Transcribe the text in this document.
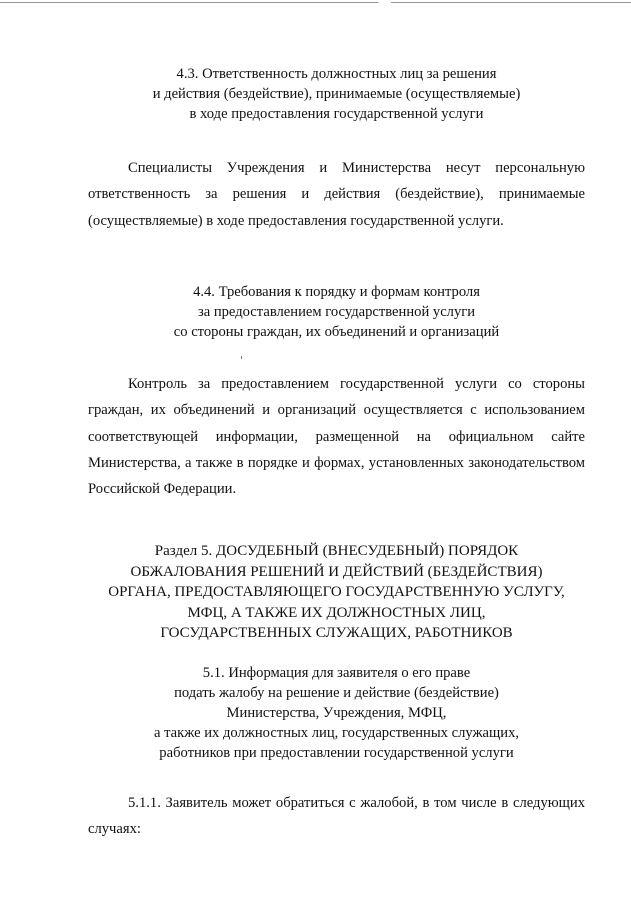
4.3. Ответственность должностных лиц за решения
и действия (бездействие), принимаемые (осуществляемые)
в ходе предоставления государственной услуги
Специалисты Учреждения и Министерства несут персональную
ответственность за решения и действия (бездействие), принимаемые
(осуществляемые) в ходе предоставления государственной услуги.
4.4. Требования к порядку и формам контроля
за предоставлением государственной услуги
со стороны граждан, их объединений и организаций
Контроль за предоставлением государственной услуги со стороны
граждан, их объединений и организаций осуществляется с использованием
соответствующей информации, размещенной на официальном сайте
Министерства, а также в порядке и формах, установленных законодательством
Российской Федерации.
Раздел 5. ДОСУДЕБНЫЙ (ВНЕСУДЕБНЫЙ) ПОРЯДОК
ОБЖАЛОВАНИЯ РЕШЕНИЙ И ДЕЙСТВИЙ (БЕЗДЕЙСТВИЯ)
ОРГАНА, ПРЕДОСТАВЛЯЮЩЕГО ГОСУДАРСТВЕННУЮ УСЛУГУ,
МФЦ, А ТАКЖЕ ИХ ДОЛЖНОСТНЫХ ЛИЦ,
ГОСУДАРСТВЕННЫХ СЛУЖАЩИХ, РАБОТНИКОВ
5.1. Информация для заявителя о его праве
подать жалобу на решение и действие (бездействие)
Министерства, Учреждения, МФЦ,
а также их должностных лиц, государственных служащих,
работников при предоставлении государственной услуги
5.1.1. Заявитель может обратиться с жалобой, в том числе в следующих
случаях:
